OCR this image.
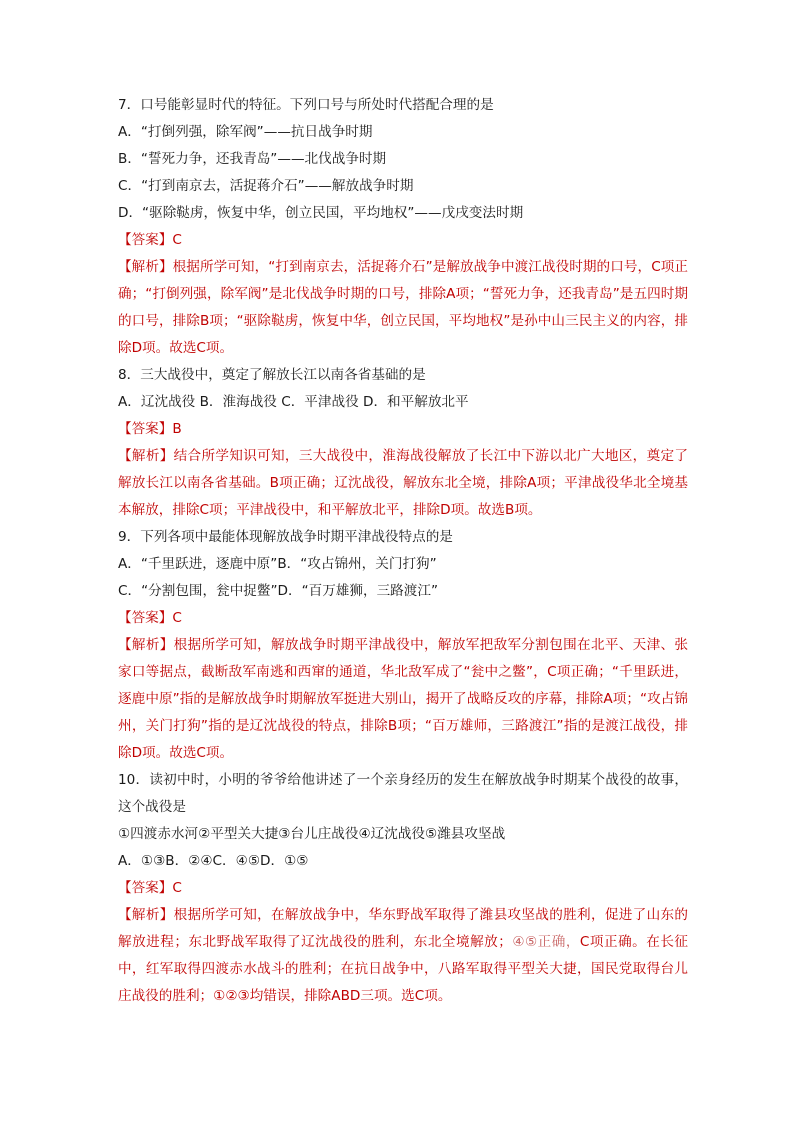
7．口号能彰显时代的特征。下列口号与所处时代搭配合理的是
A．“打倒列强，除军阀”——抗日战争时期
B．“誓死力争，还我青岛”——北伐战争时期
C．“打到南京去，活捉蒋介石”——解放战争时期
D．“驱除鞑虏，恢复中华，创立民国，平均地权”——戊戌变法时期
【答案】C
【解析】根据所学可知，“打到南京去，活捉蒋介石”是解放战争中渡江战役时期的口号，C项正确；“打倒列强，除军阀”是北伐战争时期的口号，排除A项；“誓死力争，还我青岛”是五四时期的口号，排除B项；“驱除鞑虏，恢复中华，创立民国，平均地权”是孙中山三民主义的内容，排除D项。故选C项。
8．三大战役中，奠定了解放长江以南各省基础的是
A．辽沈战役 B．淮海战役 C．平津战役 D．和平解放北平
【答案】B
【解析】结合所学知识可知，三大战役中，淮海战役解放了长江中下游以北广大地区，奠定了解放长江以南各省基础。B项正确；辽沈战役，解放东北全境，排除A项；平津战役华北全境基本解放，排除C项；平津战役中，和平解放北平，排除D项。故选B项。
9．下列各项中最能体现解放战争时期平津战役特点的是
A．“千里跃进，逐鹿中原”B．“攻占锦州，关门打狗”
C．“分割包围，瓮中捉鳖”D．“百万雄狮，三路渡江”
【答案】C
【解析】根据所学可知，解放战争时期平津战役中，解放军把敌军分割包围在北平、天津、张家口等据点，截断敌军南逃和西窜的通道，华北敌军成了“瓮中之鳖”，C项正确；“千里跃进，逐鹿中原”指的是解放战争时期解放军挺进大别山，揭开了战略反攻的序幕，排除A项；“攻占锦州，关门打狗”指的是辽沈战役的特点，排除B项；“百万雄师，三路渡江”指的是渡江战役，排除D项。故选C项。
10．读初中时，小明的爷爷给他讲述了一个亲身经历的发生在解放战争时期某个战役的故事，这个战役是
①四渡赤水河②平型关大捷③台儿庄战役④辽沈战役⑤潍县攻坚战
A．①③B．②④C．④⑤D．①⑤
【答案】C
【解析】根据所学可知，在解放战争中，华东野战军取得了潍县攻坚战的胜利，促进了山东的解放进程；东北野战军取得了辽沈战役的胜利，东北全境解放；④⑤正确，C项正确。在长征中，红军取得四渡赤水战斗的胜利；在抗日战争中，八路军取得平型关大捷，国民党取得台儿庄战役的胜利；①②③均错误，排除ABD三项。选C项。
